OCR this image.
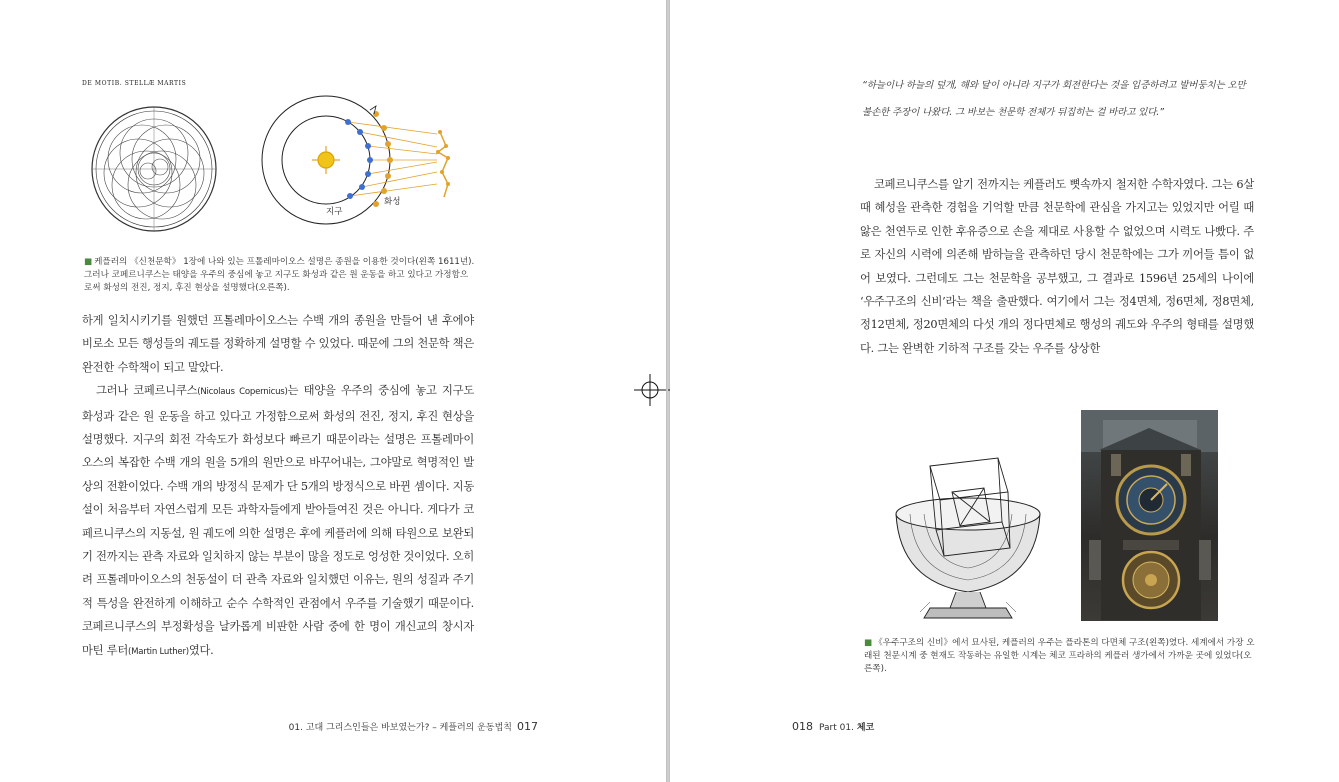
DE MOTIB. STELLÆ MARTIS
지구
화성
■ 케플러의 《신천문학》 1장에 나와 있는 프톨레마이오스 설명은 종원을 이용한 것이다(왼쪽 1611년). 그러나 코페르니쿠스는 태양을 우주의 중심에 놓고 지구도 화성과 같은 원 운동을 하고 있다고 가정함으로써 화성의 전진, 정지, 후진 현상을 설명했다(오른쪽).

하게 일치시키기를 원했던 프톨레마이오스는 수백 개의 종원을 만들어 낸 후에야 비로소 모든 행성들의 궤도를 정확하게 설명할 수 있었다. 때문에 그의 천문학 책은 완전한 수학책이 되고 말았다.

그러나 코페르니쿠스(Nicolaus Copernicus)는 태양을 우주의 중심에 놓고 지구도 화성과 같은 원 운동을 하고 있다고 가정함으로써 화성의 전진, 정지, 후진 현상을 설명했다. 지구의 회전 각속도가 화성보다 빠르기 때문이라는 설명은 프톨레마이오스의 복잡한 수백 개의 원을 5개의 원만으로 바꾸어내는, 그야말로 혁명적인 발상의 전환이었다. 수백 개의 방정식 문제가 단 5개의 방정식으로 바뀐 셈이다. 지동설이 처음부터 자연스럽게 모든 과학자들에게 받아들여진 것은 아니다. 게다가 코페르니쿠스의 지동설, 원 궤도에 의한 설명은 후에 케플러에 의해 타원으로 보완되기 전까지는 관측 자료와 일치하지 않는 부분이 많을 정도로 엉성한 것이었다. 오히려 프톨레마이오스의 천동설이 더 관측 자료와 일치했던 이유는, 원의 성질과 주기적 특성을 완전하게 이해하고 순수 수학적인 관점에서 우주를 기술했기 때문이다. 코페르니쿠스의 부정확성을 날카롭게 비판한 사람 중에 한 명이 개신교의 창시자 마틴 루터(Martin Luther)였다.

01. 고대 그리스인들은 바보였는가? – 케플러의 운동법칙 017
“하늘이나 하늘의 덮개, 해와 달이 아니라 지구가 회전한다는 것을 입증하려고 발버둥치는 오만불손한 주장이 나왔다. 그 바보는 천문학 전체가 뒤집히는 걸 바라고 있다.”

코페르니쿠스를 알기 전까지는 케플러도 뼛속까지 철저한 수학자였다. 그는 6살 때 혜성을 관측한 경험을 기억할 만큼 천문학에 관심을 가지고는 있었지만 어릴 때 앓은 천연두로 인한 후유증으로 손을 제대로 사용할 수 없었으며 시력도 나빴다. 주로 자신의 시력에 의존해 밤하늘을 관측하던 당시 천문학에는 그가 끼어들 틈이 없어 보였다. 그런데도 그는 천문학을 공부했고, 그 결과로 1596년 25세의 나이에 ‘우주구조의 신비’라는 책을 출판했다. 여기에서 그는 정4면체, 정6면체, 정8면체, 정12면체, 정20면체의 다섯 개의 정다면체로 행성의 궤도와 우주의 형태를 설명했다. 그는 완벽한 기하적 구조를 갖는 우주를 상상한

■ 《우주구조의 신비》에서 묘사된, 케플러의 우주는 플라톤의 다면체 구조(왼쪽)였다. 세계에서 가장 오래된 천문시계 중 현재도 작동하는 유일한 시계는 체코 프라하의 케플러 생가에서 가까운 곳에 있었다(오른쪽).
018 Part 01. 체코
